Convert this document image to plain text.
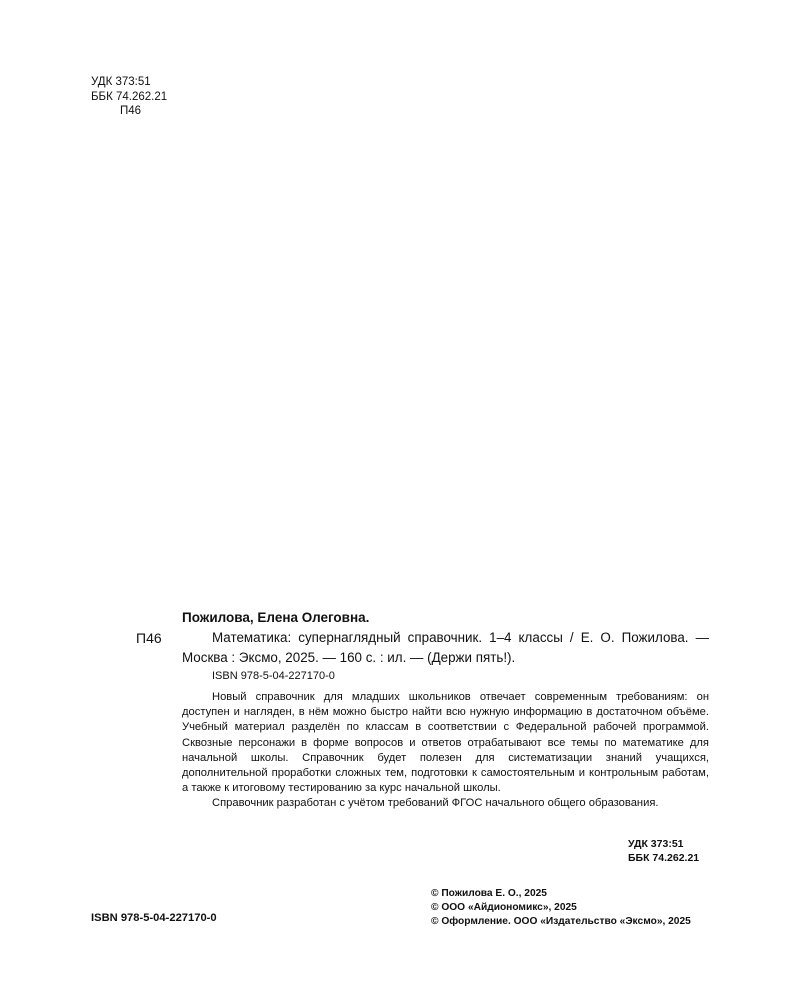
УДК 373:51
ББК 74.262.21
П46
Пожилова, Елена Олеговна.
П46	Математика: супернаглядный справочник. 1–4 классы / Е. О. Пожилова. — Москва : Эксмо, 2025. — 160 с. : ил. — (Держи пять!).
ISBN 978-5-04-227170-0

Новый справочник для младших школьников отвечает современным требованиям: он доступен и нагляден, в нём можно быстро найти всю нужную информацию в достаточном объёме. Учебный материал разделён по классам в соответствии с Федеральной рабочей программой. Сквозные персонажи в форме вопросов и ответов отрабатывают все темы по математике для начальной школы. Справочник будет полезен для систематизации знаний учащихся, дополнительной проработки сложных тем, подготовки к самостоятельным и контрольным работам, а также к итоговому тестированию за курс начальной школы.

Справочник разработан с учётом требований ФГОС начального общего образования.

УДК 373:51
ББК 74.262.21
ISBN 978-5-04-227170-0
© Пожилова Е. О., 2025
© ООО «Айдиономикс», 2025
© Оформление. ООО «Издательство «Эксмо», 2025
